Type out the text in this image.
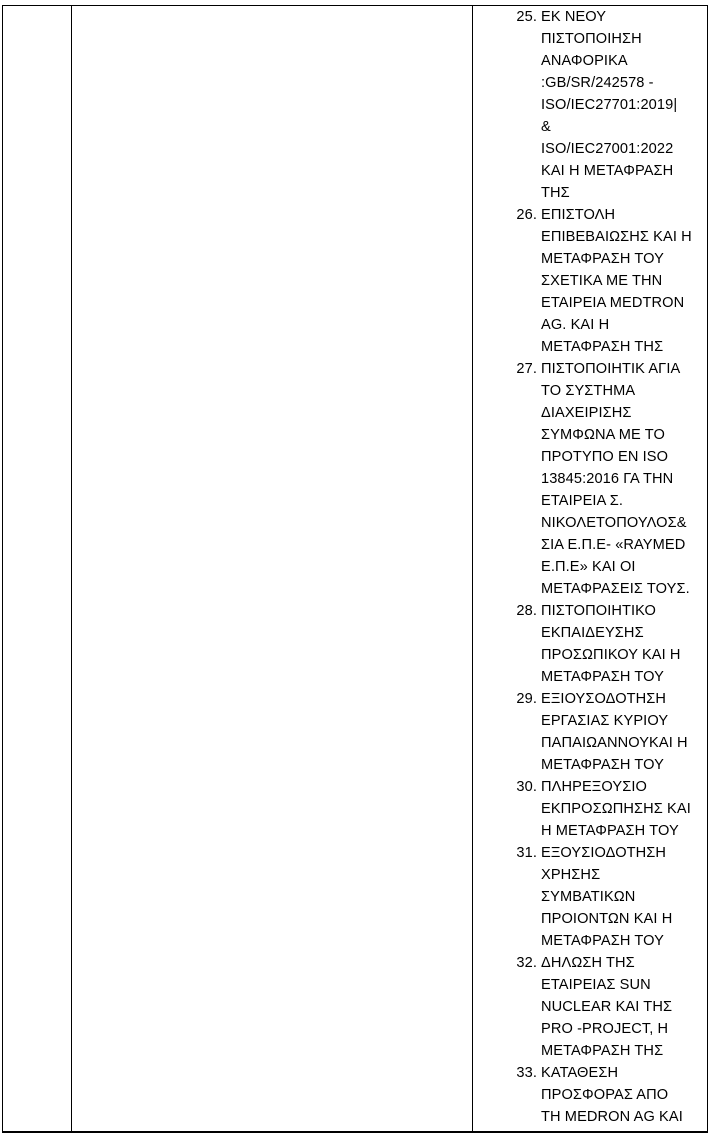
25. ΕΚ ΝΕΟΥ
ΠΙΣΤΟΠΟΙΗΣΗ
ΑΝΑΦΟΡΙΚΑ
:GB/SR/242578 -
ISO/IEC27701:2019|
&
ISO/IEC27001:2022
ΚΑΙ Η ΜΕΤΑΦΡΑΣΗ
ΤΗΣ
26. ΕΠΙΣΤΟΛΗ
ΕΠΙΒΕΒΑΙΩΣΗΣ ΚΑΙ Η
ΜΕΤΑΦΡΑΣΗ ΤΟΥ
ΣΧΕΤΙΚΑ ΜΕ ΤΗΝ
ΕΤΑΙΡΕΙΑ MEDTRON
AG. ΚΑΙ Η
ΜΕΤΑΦΡΑΣΗ ΤΗΣ
27. ΠΙΣΤΟΠΟΙΗΤΙΚ ΑΓΙΑ
ΤΟ ΣΥΣΤΗΜΑ
ΔΙΑΧΕΙΡΙΣΗΣ
ΣΥΜΦΩΝΑ ΜΕ ΤΟ
ΠΡΟΤΥΠΟ ΕΝ ISO
13845:2016 ΓΑ ΤΗΝ
ΕΤΑΙΡΕΙΑ Σ.
ΝΙΚΟΛΕΤΟΠΟΥΛΟΣ&
ΣΙΑ Ε.Π.Ε- «RAYMED
Ε.Π.Ε» ΚΑΙ ΟΙ
ΜΕΤΑΦΡΑΣΕΙΣ ΤΟΥΣ.
28. ΠΙΣΤΟΠΟΙΗΤΙΚΟ
ΕΚΠΑΙΔΕΥΣΗΣ
ΠΡΟΣΩΠΙΚΟΥ ΚΑΙ Η
ΜΕΤΑΦΡΑΣΗ ΤΟΥ
29. ΕΞΙΟΥΣΟΔΟΤΗΣΗ
ΕΡΓΑΣΙΑΣ ΚΥΡΙΟΥ
ΠΑΠΑΙΩΑΝΝΟΥΚΑΙ Η
ΜΕΤΑΦΡΑΣΗ ΤΟΥ
30. ΠΛΗΡΕΞΟΥΣΙΟ
ΕΚΠΡΟΣΩΠΗΣΗΣ ΚΑΙ
Η ΜΕΤΑΦΡΑΣΗ ΤΟΥ
31. ΕΞΟΥΣΙΟΔΟΤΗΣΗ
ΧΡΗΣΗΣ
ΣΥΜΒΑΤΙΚΩΝ
ΠΡΟΙΟΝΤΩΝ ΚΑΙ Η
ΜΕΤΑΦΡΑΣΗ ΤΟΥ
32. ΔΗΛΩΣΗ ΤΗΣ
ΕΤΑΙΡΕΙΑΣ SUN
NUCLEAR ΚΑΙ ΤΗΣ
PRO -PROJECT, Η
ΜΕΤΑΦΡΑΣΗ ΤΗΣ
33. ΚΑΤΑΘΕΣΗ
ΠΡΟΣΦΟΡΑΣ ΑΠΟ
ΤΗ MEDRON AG ΚΑΙ
